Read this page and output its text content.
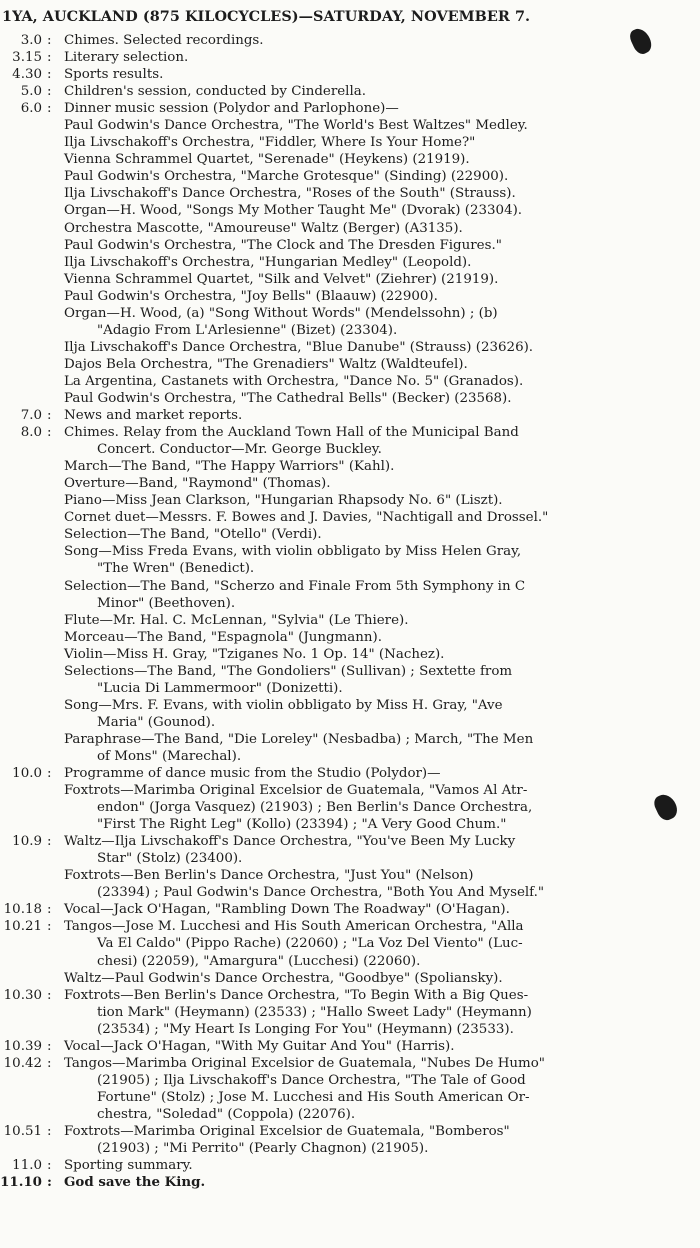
1YA, AUCKLAND (875 KILOCYCLES)—SATURDAY, NOVEMBER 7.
3.0 : Chimes. Selected recordings.
3.15 : Literary selection.
4.30 : Sports results.
5.0 : Children's session, conducted by Cinderella.
6.0 : Dinner music session (Polydor and Parlophone)—
Paul Godwin's Dance Orchestra, "The World's Best Waltzes" Medley.
Ilja Livschakoff's Orchestra, "Fiddler, Where Is Your Home?"
Vienna Schrammel Quartet, "Serenade" (Heykens) (21919).
Paul Godwin's Orchestra, "Marche Grotesque" (Sinding) (22900).
Ilja Livschakoff's Dance Orchestra, "Roses of the South" (Strauss).
Organ—H. Wood, "Songs My Mother Taught Me" (Dvorak) (23304).
Orchestra Mascotte, "Amoureuse" Waltz (Berger) (A3135).
Paul Godwin's Orchestra, "The Clock and The Dresden Figures."
Ilja Livschakoff's Orchestra, "Hungarian Medley" (Leopold).
Vienna Schrammel Quartet, "Silk and Velvet" (Ziehrer) (21919).
Paul Godwin's Orchestra, "Joy Bells" (Blaauw) (22900).
Organ—H. Wood, (a) "Song Without Words" (Mendelssohn) ; (b)
"Adagio From L'Arlesienne" (Bizet) (23304).
Ilja Livschakoff's Dance Orchestra, "Blue Danube" (Strauss) (23626).
Dajos Bela Orchestra, "The Grenadiers" Waltz (Waldteufel).
La Argentina, Castanets with Orchestra, "Dance No. 5" (Granados).
Paul Godwin's Orchestra, "The Cathedral Bells" (Becker) (23568).
7.0 : News and market reports.
8.0 : Chimes. Relay from the Auckland Town Hall of the Municipal Band
Concert. Conductor—Mr. George Buckley.
March—The Band, "The Happy Warriors" (Kahl).
Overture—Band, "Raymond" (Thomas).
Piano—Miss Jean Clarkson, "Hungarian Rhapsody No. 6" (Liszt).
Cornet duet—Messrs. F. Bowes and J. Davies, "Nachtigall and Drossel."
Selection—The Band, "Otello" (Verdi).
Song—Miss Freda Evans, with violin obbligato by Miss Helen Gray,
"The Wren" (Benedict).
Selection—The Band, "Scherzo and Finale From 5th Symphony in C
Minor" (Beethoven).
Flute—Mr. Hal. C. McLennan, "Sylvia" (Le Thiere).
Morceau—The Band, "Espagnola" (Jungmann).
Violin—Miss H. Gray, "Tziganes No. 1 Op. 14" (Nachez).
Selections—The Band, "The Gondoliers" (Sullivan) ; Sextette from
"Lucia Di Lammermoor" (Donizetti).
Song—Mrs. F. Evans, with violin obbligato by Miss H. Gray, "Ave
Maria" (Gounod).
Paraphrase—The Band, "Die Loreley" (Nesbadba) ; March, "The Men
of Mons" (Marechal).
10.0 : Programme of dance music from the Studio (Polydor)—
Foxtrots—Marimba Original Excelsior de Guatemala, "Vamos Al Atr-
endon" (Jorga Vasquez) (21903) ; Ben Berlin's Dance Orchestra,
"First The Right Leg" (Kollo) (23394) ; "A Very Good Chum."
10.9 : Waltz—Ilja Livschakoff's Dance Orchestra, "You've Been My Lucky
Star" (Stolz) (23400).
Foxtrots—Ben Berlin's Dance Orchestra, "Just You" (Nelson)
(23394) ; Paul Godwin's Dance Orchestra, "Both You And Myself."
10.18 : Vocal—Jack O'Hagan, "Rambling Down The Roadway" (O'Hagan).
10.21 : Tangos—Jose M. Lucchesi and His South American Orchestra, "Alla
Va El Caldo" (Pippo Rache) (22060) ; "La Voz Del Viento" (Luc-
chesi) (22059), "Amargura" (Lucchesi) (22060).
Waltz—Paul Godwin's Dance Orchestra, "Goodbye" (Spoliansky).
10.30 : Foxtrots—Ben Berlin's Dance Orchestra, "To Begin With a Big Ques-
tion Mark" (Heymann) (23533) ; "Hallo Sweet Lady" (Heymann)
(23534) ; "My Heart Is Longing For You" (Heymann) (23533).
10.39 : Vocal—Jack O'Hagan, "With My Guitar And You" (Harris).
10.42 : Tangos—Marimba Original Excelsior de Guatemala, "Nubes De Humo"
(21905) ; Ilja Livschakoff's Dance Orchestra, "The Tale of Good
Fortune" (Stolz) ; Jose M. Lucchesi and His South American Or-
chestra, "Soledad" (Coppola) (22076).
10.51 : Foxtrots—Marimba Original Excelsior de Guatemala, "Bomberos"
(21903) ; "Mi Perrito" (Pearly Chagnon) (21905).
11.0 : Sporting summary.
11.10 : God save the King.
